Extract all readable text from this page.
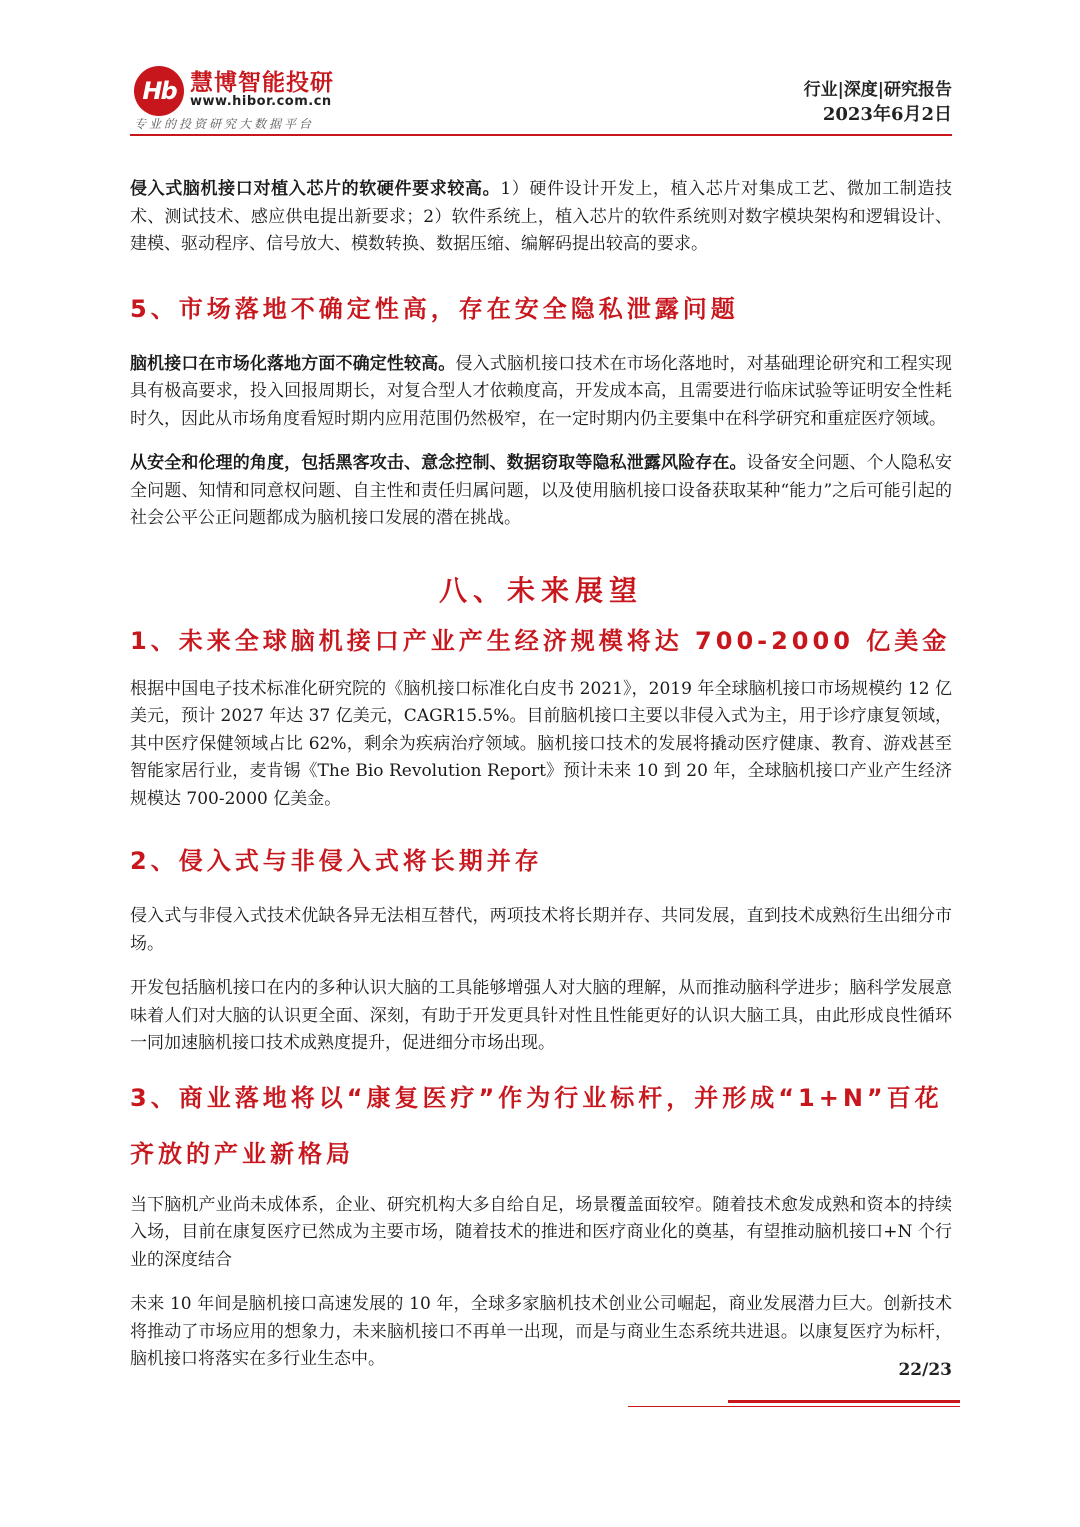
Hb 慧博智能投研
www.hibor.com.cn
专业的投资研究大数据平台
行业|深度|研究报告
2023年6月2日

侵入式脑机接口对植入芯片的软硬件要求较高。1）硬件设计开发上，植入芯片对集成工艺、微加工制造技术、测试技术、感应供电提出新要求；2）软件系统上，植入芯片的软件系统则对数字模块架构和逻辑设计、建模、驱动程序、信号放大、模数转换、数据压缩、编解码提出较高的要求。

5、市场落地不确定性高，存在安全隐私泄露问题

脑机接口在市场化落地方面不确定性较高。侵入式脑机接口技术在市场化落地时，对基础理论研究和工程实现具有极高要求，投入回报周期长，对复合型人才依赖度高，开发成本高，且需要进行临床试验等证明安全性耗时久，因此从市场角度看短时期内应用范围仍然极窄，在一定时期内仍主要集中在科学研究和重症医疗领域。

从安全和伦理的角度，包括黑客攻击、意念控制、数据窃取等隐私泄露风险存在。设备安全问题、个人隐私安全问题、知情和同意权问题、自主性和责任归属问题，以及使用脑机接口设备获取某种“能力”之后可能引起的社会公平公正问题都成为脑机接口发展的潜在挑战。

八、未来展望
1、未来全球脑机接口产业产生经济规模将达 700-2000 亿美金

根据中国电子技术标准化研究院的《脑机接口标准化白皮书 2021》，2019 年全球脑机接口市场规模约 12 亿美元，预计 2027 年达 37 亿美元，CAGR15.5%。目前脑机接口主要以非侵入式为主，用于诊疗康复领域，其中医疗保健领域占比 62%，剩余为疾病治疗领域。脑机接口技术的发展将撬动医疗健康、教育、游戏甚至智能家居行业，麦肯锡《The Bio Revolution Report》预计未来 10 到 20 年，全球脑机接口产业产生经济规模达 700-2000 亿美金。

2、侵入式与非侵入式将长期并存

侵入式与非侵入式技术优缺各异无法相互替代，两项技术将长期并存、共同发展，直到技术成熟衍生出细分市场。

开发包括脑机接口在内的多种认识大脑的工具能够增强人对大脑的理解，从而推动脑科学进步；脑科学发展意味着人们对大脑的认识更全面、深刻，有助于开发更具针对性且性能更好的认识大脑工具，由此形成良性循环一同加速脑机接口技术成熟度提升，促进细分市场出现。

3、商业落地将以“康复医疗”作为行业标杆，并形成“1+N”百花齐放的产业新格局

当下脑机产业尚未成体系，企业、研究机构大多自给自足，场景覆盖面较窄。随着技术愈发成熟和资本的持续入场，目前在康复医疗已然成为主要市场，随着技术的推进和医疗商业化的奠基，有望推动脑机接口+N 个行业的深度结合

未来 10 年间是脑机接口高速发展的 10 年，全球多家脑机技术创业公司崛起，商业发展潜力巨大。创新技术将推动了市场应用的想象力，未来脑机接口不再单一出现，而是与商业生态系统共进退。以康复医疗为标杆，脑机接口将落实在多行业生态中。

22/23
